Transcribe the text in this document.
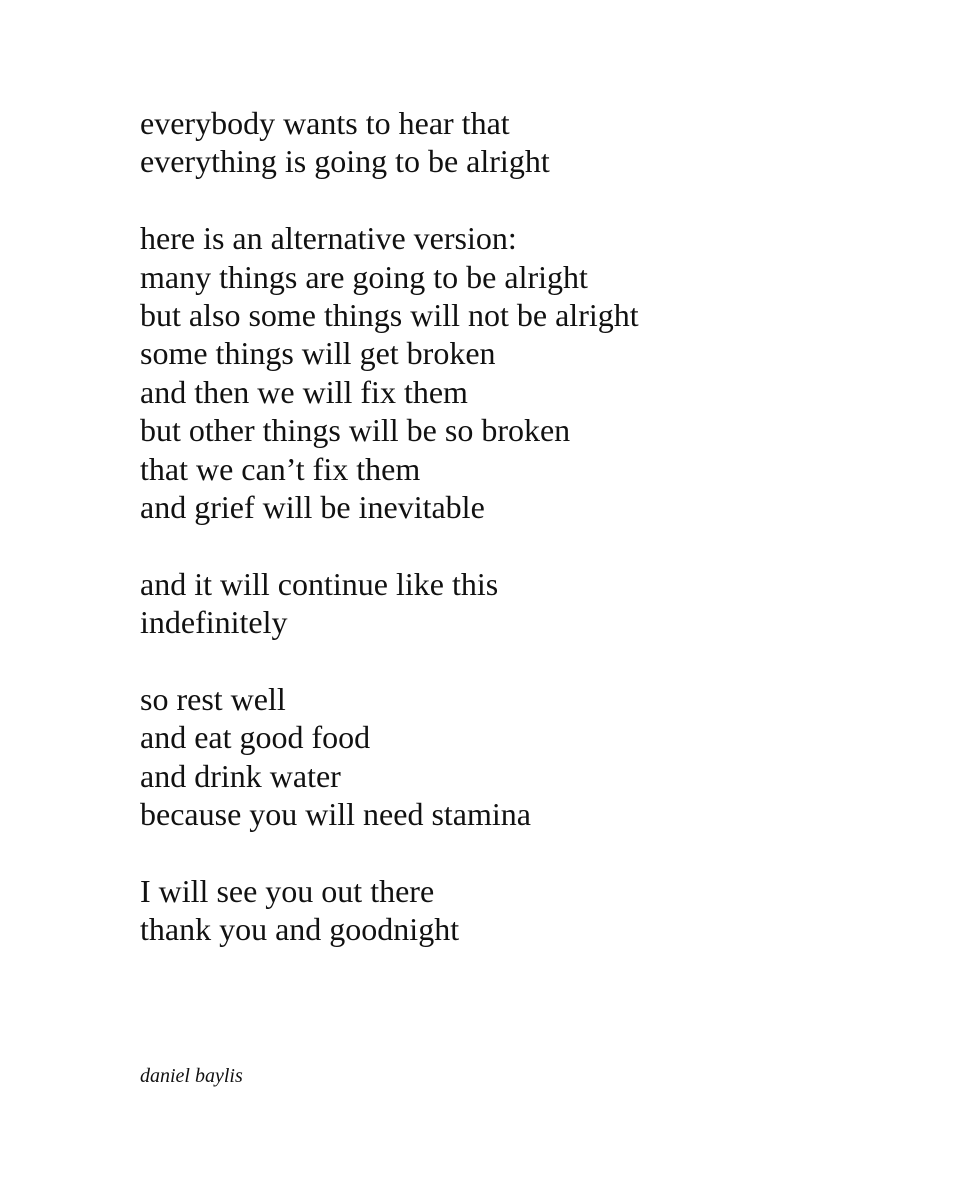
everybody wants to hear that
everything is going to be alright
here is an alternative version:
many things are going to be alright
but also some things will not be alright
some things will get broken
and then we will fix them
but other things will be so broken
that we can’t fix them
and grief will be inevitable
and it will continue like this
indefinitely
so rest well
and eat good food
and drink water
because you will need stamina
I will see you out there
thank you and goodnight
daniel baylis
